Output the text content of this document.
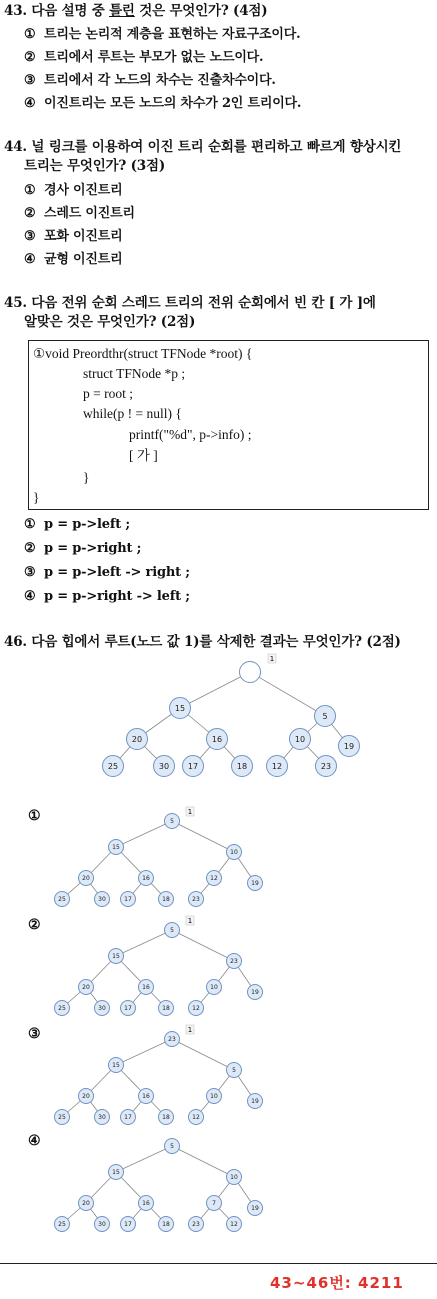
43. 다음 설명 중 틀린 것은 무엇인가? (4점)
① 트리는 논리적 계층을 표현하는 자료구조이다.
② 트리에서 루트는 부모가 없는 노드이다.
③ 트리에서 각 노드의 차수는 진출차수이다.
④ 이진트리는 모든 노드의 차수가 2인 트리이다.
44. 널 링크를 이용하여 이진 트리 순회를 편리하고 빠르게 향상시킨
트리는 무엇인가? (3점)
① 경사 이진트리
② 스레드 이진트리
③ 포화 이진트리
④ 균형 이진트리
45. 다음 전위 순회 스레드 트리의 전위 순회에서 빈 칸 [ 가 ]에
알맞은 것은 무엇인가? (2점)
①void Preordthr(struct TFNode *root) {
struct TFNode *p ;
p = root ;
while(p ! = null) {
printf("%d", p->info) ;
[ 가 ]
}
}
① p = p->left ;
② p = p->right ;
③ p = p->left -> right ;
④ p = p->right -> left ;
46. 다음 힙에서 루트(노드 값 1)를 삭제한 결과는 무엇인가? (2점)
15
5
20	16	10
19
25	30 17	18	12	23
1
①	5
15
10
20	16	12
19
25	30	17	18	23
1
②	5
15
23
20	16	10
19
25	30	17	18	12
1
③	23
15
5
20	16	10
19
25	30	17	18	12
1
④	5
15
10
20	16	7
19
25	30	17	18	23	12
43~46번: 4211
